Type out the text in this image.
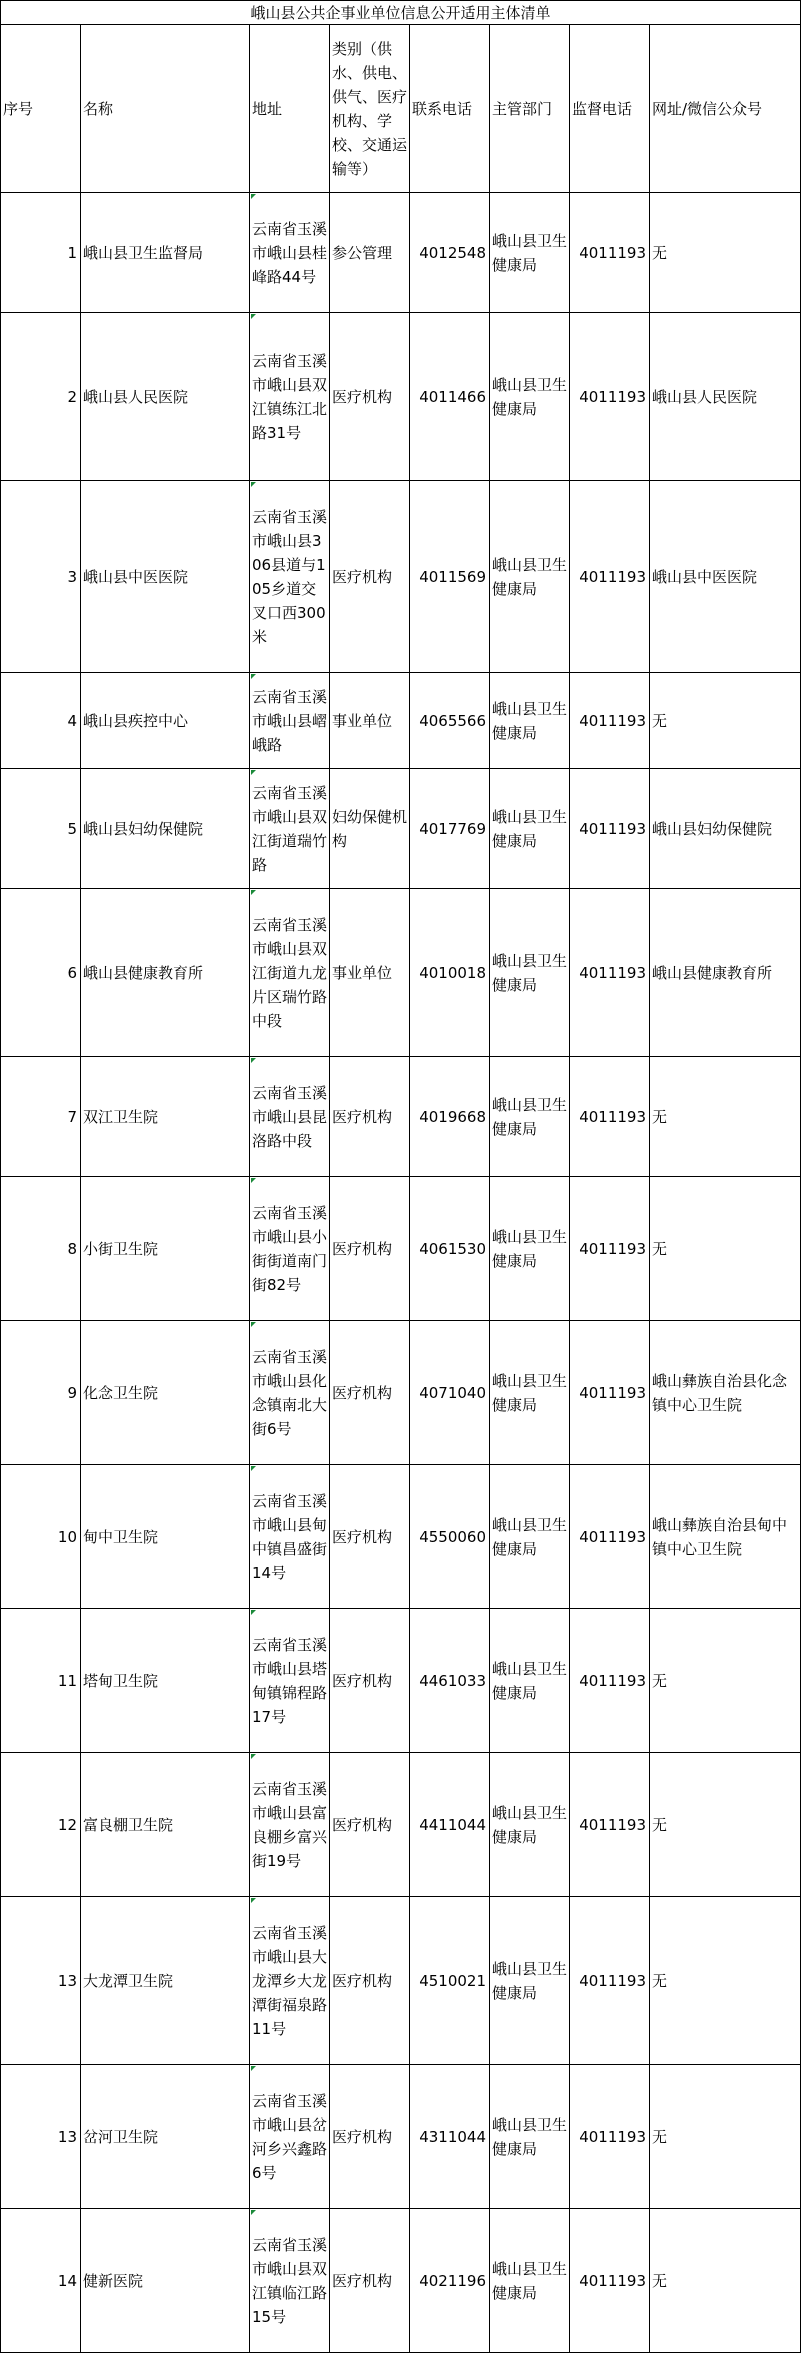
峨山县公共企事业单位信息公开适用主体清单							
序号	名称	地址	类别（供水、供电、供气、医疗机构、学校、交通运输等）	联系电话	主管部门	监督电话	网址/微信公众号
1	峨山县卫生监督局	云南省玉溪市峨山县桂峰路44号	参公管理	4012548	峨山县卫生健康局	4011193	无
2	峨山县人民医院	云南省玉溪市峨山县双江镇练江北路31号	医疗机构	4011466	峨山县卫生健康局	4011193	峨山县人民医院
3	峨山县中医医院	云南省玉溪市峨山县306县道与105乡道交叉口西300米	医疗机构	4011569	峨山县卫生健康局	4011193	峨山县中医医院
4	峨山县疾控中心	云南省玉溪市峨山县嶍峨路	事业单位	4065566	峨山县卫生健康局	4011193	无
5	峨山县妇幼保健院	云南省玉溪市峨山县双江街道瑞竹路	妇幼保健机构	4017769	峨山县卫生健康局	4011193	峨山县妇幼保健院
6	峨山县健康教育所	云南省玉溪市峨山县双江街道九龙片区瑞竹路中段	事业单位	4010018	峨山县卫生健康局	4011193	峨山县健康教育所
7	双江卫生院	云南省玉溪市峨山县昆洛路中段	医疗机构	4019668	峨山县卫生健康局	4011193	无
8	小街卫生院	云南省玉溪市峨山县小街街道南门街82号	医疗机构	4061530	峨山县卫生健康局	4011193	无
9	化念卫生院	云南省玉溪市峨山县化念镇南北大街6号	医疗机构	4071040	峨山县卫生健康局	4011193	峨山彝族自治县化念镇中心卫生院
10	甸中卫生院	云南省玉溪市峨山县甸中镇昌盛街14号	医疗机构	4550060	峨山县卫生健康局	4011193	峨山彝族自治县甸中镇中心卫生院
11	塔甸卫生院	云南省玉溪市峨山县塔甸镇锦程路17号	医疗机构	4461033	峨山县卫生健康局	4011193	无
12	富良棚卫生院	云南省玉溪市峨山县富良棚乡富兴街19号	医疗机构	4411044	峨山县卫生健康局	4011193	无
13	大龙潭卫生院	云南省玉溪市峨山县大龙潭乡大龙潭街福泉路11号	医疗机构	4510021	峨山县卫生健康局	4011193	无
13	岔河卫生院	云南省玉溪市峨山县岔河乡兴鑫路6号	医疗机构	4311044	峨山县卫生健康局	4011193	无
14	健新医院	云南省玉溪市峨山县双江镇临江路15号	医疗机构	4021196	峨山县卫生健康局	4011193	无
